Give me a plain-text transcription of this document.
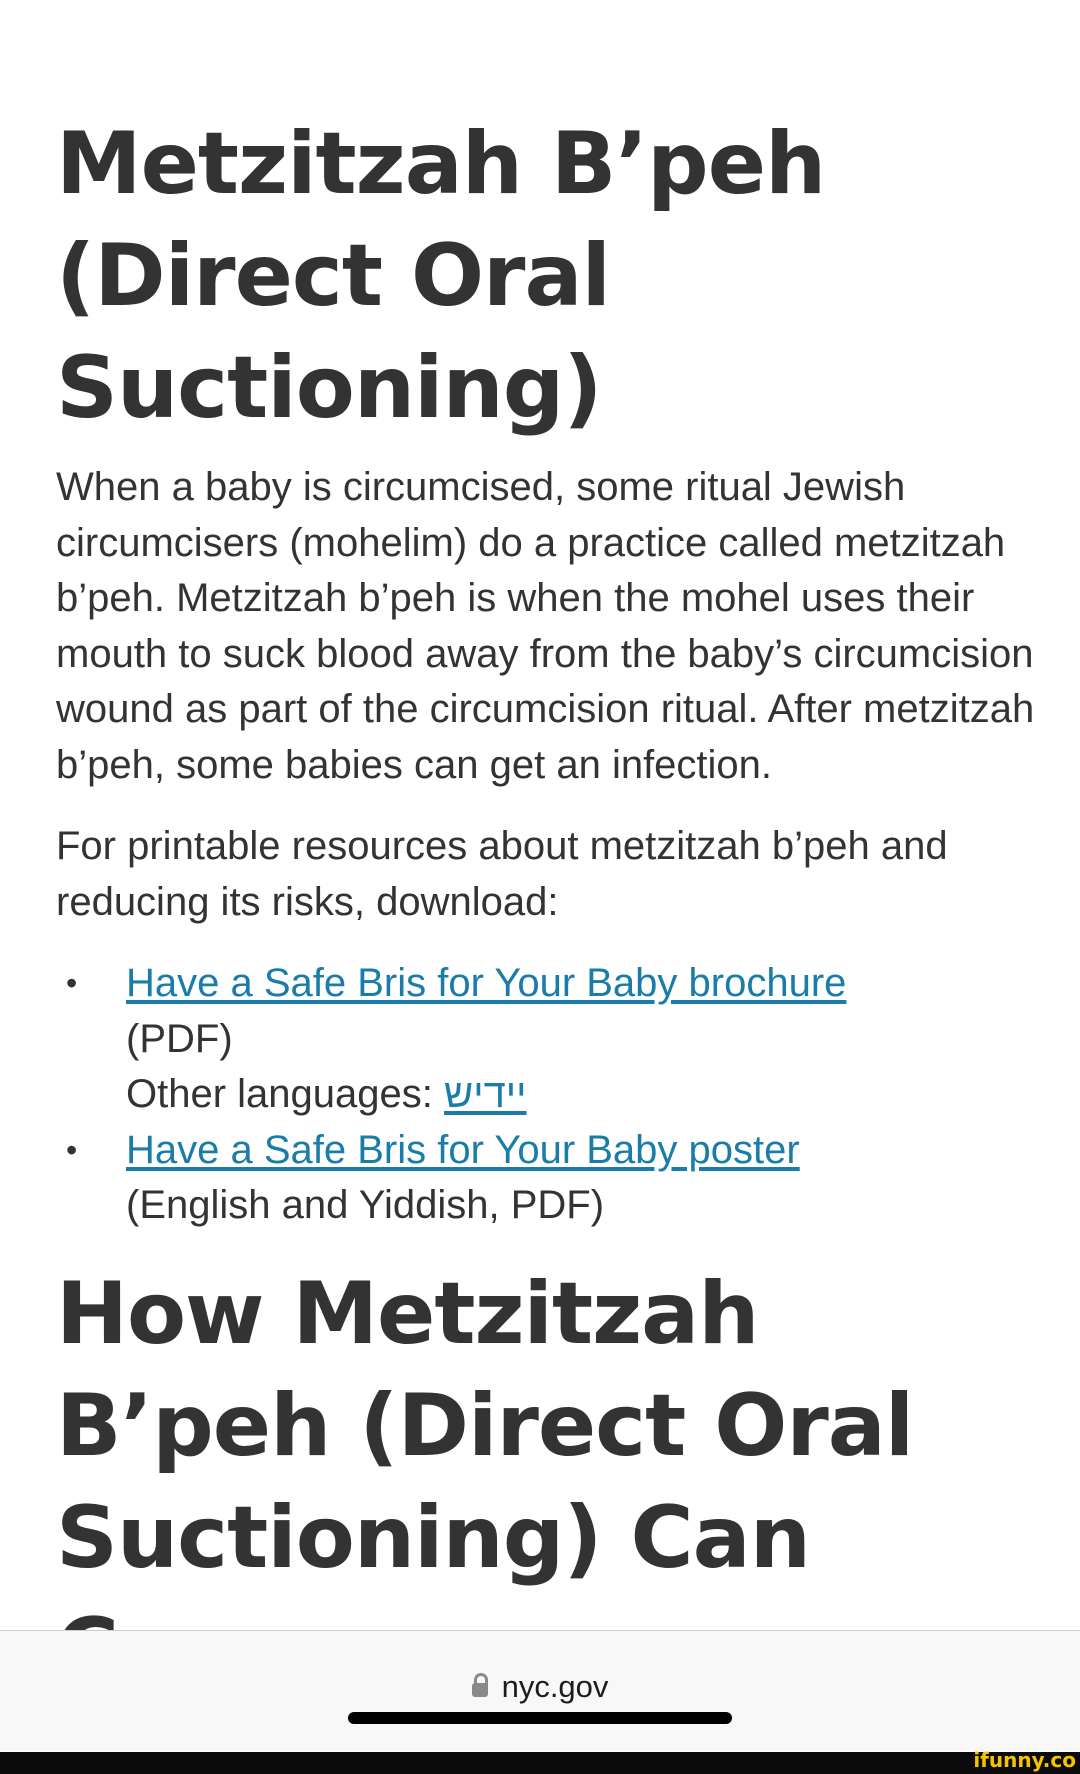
Metzitzah B’peh (Direct Oral Suctioning)

When a baby is circumcised, some ritual Jewish circumcisers (mohelim) do a practice called metzitzah b’peh. Metzitzah b’peh is when the mohel uses their mouth to suck blood away from the baby’s circumcision wound as part of the circumcision ritual. After metzitzah b’peh, some babies can get an infection.

For printable resources about metzitzah b’peh and reducing its risks, download:

• Have a Safe Bris for Your Baby brochure
(PDF)
Other languages: יידיש
• Have a Safe Bris for Your Baby poster
(English and Yiddish, PDF)
How Metzitzah B’peh (Direct Oral Suctioning) Can
nyc.gov
ifunny.co
